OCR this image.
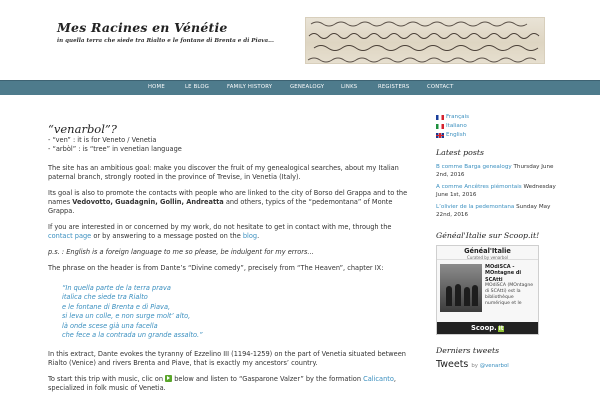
Mes Racines en Vénétie
in quella terra che siede tra Rialto e le fontane di Brenta e di Piava...
HOME	LE BLOG	FAMILY HISTORY	GENEALOGY	LINKS	REGISTERS	CONTACT
“venarbol”?

- “ven” : it is for Veneto / Venetia

- “arbòl” : is “tree” in venetian language

The site has an ambitious goal: make you discover the fruit of my genealogical searches, about my Italian paternal branch, strongly rooted in the province of Trevise, in Venetia (Italy).

Its goal is also to promote the contacts with people who are linked to the city of Borso del Grappa and to the names Vedovotto, Guadagnin, Gollin, Andreatta and others, typics of the “pedemontana” of Monte Grappa.

If you are interested in or concerned by my work, do not hesitate to get in contact with me, through the contact page or by answering to a message posted on the blog.

p.s. : English is a foreign language to me so please, be indulgent for my errors…

The phrase on the header is from Dante’s “Divine comedy”, precisely from “The Heaven”, chapter IX:

“In quella parte de la terra prava
italica che siede tra Rialto
e le fontane di Brenta e di Piava,
si leva un colle, e non surge molt’ alto,
là onde scese già una facella
che fece a la contrada un grande assalto.”

In this extract, Dante evokes the tyranny of Ezzelino III (1194-1259) on the part of Venetia situated between Rialto (Venice) and rivers Brenta and Piave, that is exactly my ancestors’ country.

To start this trip with music, clic on  below and listen to “Gasparone Valzer” by the formation Calicanto, specialized in folk music of Venetia.

Français
Italiano
English
Latest posts
B comme Barga genealogy Thursday June 2nd, 2016
A comme Ancêtres piémontais Wednesday June 1st, 2016
L’olivier de la pedemontana Sunday May 22nd, 2016
Généal'Italie sur Scoop.it!
Généal'Italie
Curated by venarbol
MOdiSCA - MOntagne di SCAtti
MOdiSCA (MOntagne di SCAtti) est la bibliothèque numérique et le
Scoop. it
Derniers tweets
Tweets by @venarbol
